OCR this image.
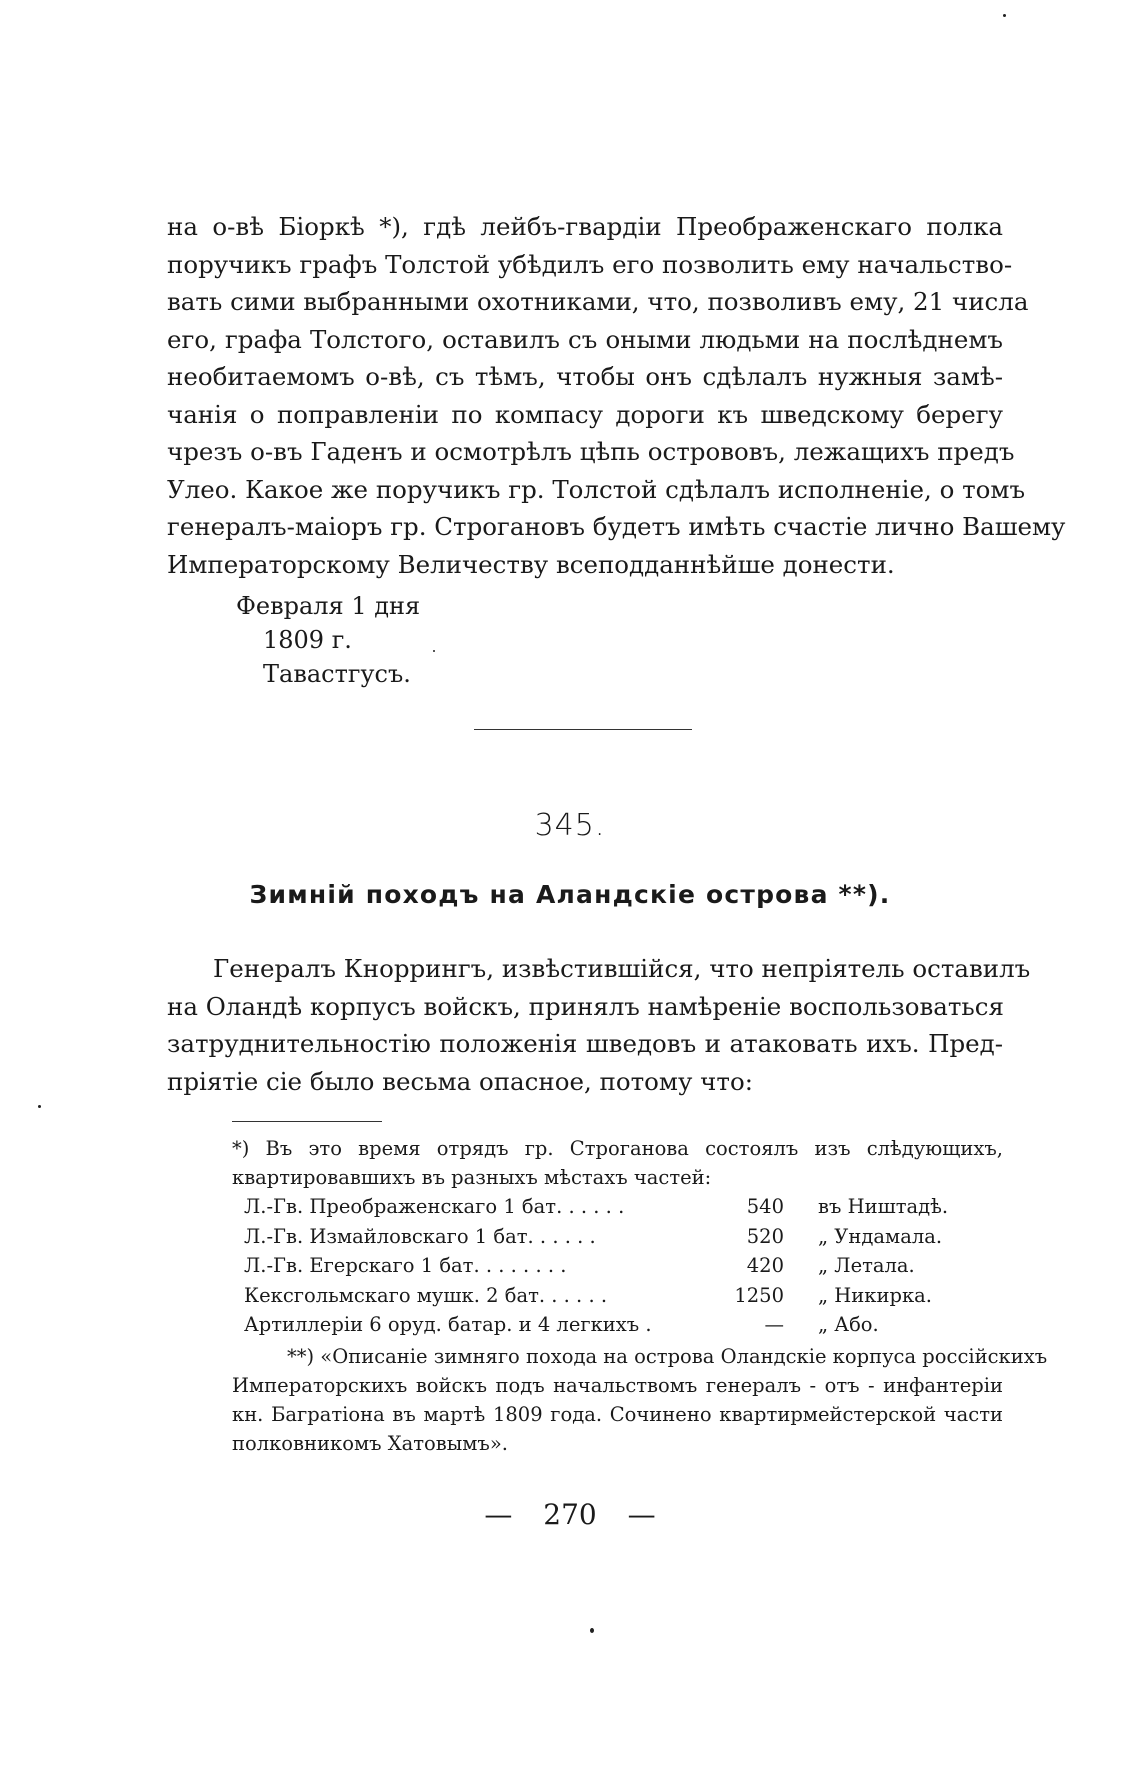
на о-вѣ Біоркѣ *), гдѣ лейбъ-гвардіи Преображенскаго полка
поручикъ графъ Толстой убѣдилъ его позволить ему начальство-
вать сими выбранными охотниками, что, позволивъ ему, 21 числа
его, графа Толстого, оставилъ съ оными людьми на послѣднемъ
необитаемомъ о-вѣ, съ тѣмъ, чтобы онъ сдѣлалъ нужныя замѣ-
чанія о поправленіи по компасу дороги къ шведскому берегу
чрезъ о-въ Гаденъ и осмотрѣлъ цѣпь острововъ, лежащихъ предъ
Улео. Какое же поручикъ гр. Толстой сдѣлалъ исполненіе, о томъ
генералъ-маіоръ гр. Строгановъ будетъ имѣть счастіе лично Вашему
Императорскому Величеству всеподданнѣйше донести.
Февраля 1 дня
1809 г.
Тавастгусъ.
345.
Зимній походъ на Аландскіе острова **).
Генералъ Кноррингъ, извѣстившійся, что непріятель оставилъ
на Оландѣ корпусъ войскъ, принялъ намѣреніе воспользоваться
затруднительностію положенія шведовъ и атаковать ихъ. Пред-
пріятіе сіе было весьма опасное, потому что:
*) Въ это время отрядъ гр. Строганова состоялъ изъ слѣдующихъ,
квартировавшихъ въ разныхъ мѣстахъ частей:
Л.-Гв. Преображенскаго 1 бат. . . . . .	540	въ Ништадѣ.
Л.-Гв. Измайловскаго 1 бат. . . . . .	520	„ Ундамала.
Л.-Гв. Егерскаго 1 бат. . . . . . . .	420	„ Летала.
Кексгольмскаго мушк. 2 бат. . . . . .	1250	„ Никирка.
Артиллеріи 6 оруд. батар. и 4 легкихъ .	—	„ Або.
**) «Описаніе зимняго похода на острова Оландскіе корпуса россійскихъ
Императорскихъ войскъ подъ начальствомъ генералъ - отъ - инфантеріи
кн. Багратіона въ мартѣ 1809 года. Сочинено квартирмейстерской части
полковникомъ Хатовымъ».
— 270 —
